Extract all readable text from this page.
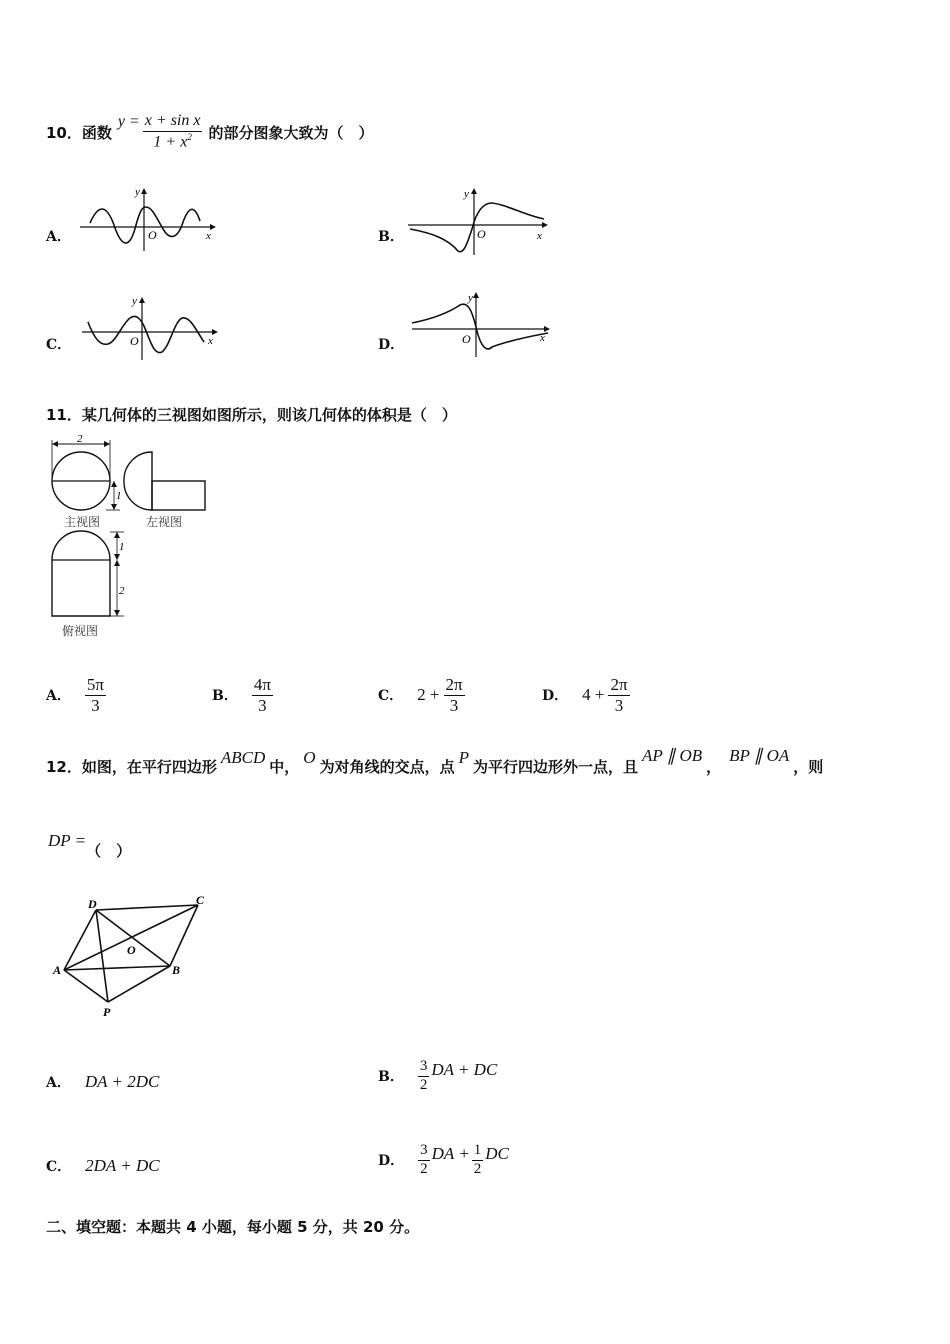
10． 函数
$y = \frac{\text{x + sin x}}{1 + x^2}$ 的部分图象大致为（　）
A．
y
x
O	B．
y
x
O
C．
y
x
O	D．
y
x
O
11．某几何体的三视图如图所示，则该几何体的体积是（　）
2
1
1
2
主视图	左视图
俯视图
A． $\frac{5\pi}{3}$	B． $\frac{4\pi}{3}$	C． $2 + \frac{2\pi}{3}$	D． $4 + \frac{2\pi}{3}$
12．如图，在平行四边形 ABCD 中， O 为对角线的交点，点 P 为平行四边形外一点，且AP ∥ OB，BP ∥ OA，则
DP =（　）
D	C
A	B
O
P
A． DA + 2DC	B． $\frac{3}{2}$ DA + DC
C． 2DA + DC	D． $\frac{3}{2}$ DA + $\frac{1}{2}$ DC
二、填空题：本题共 4 小题，每小题 5 分，共 20 分。
